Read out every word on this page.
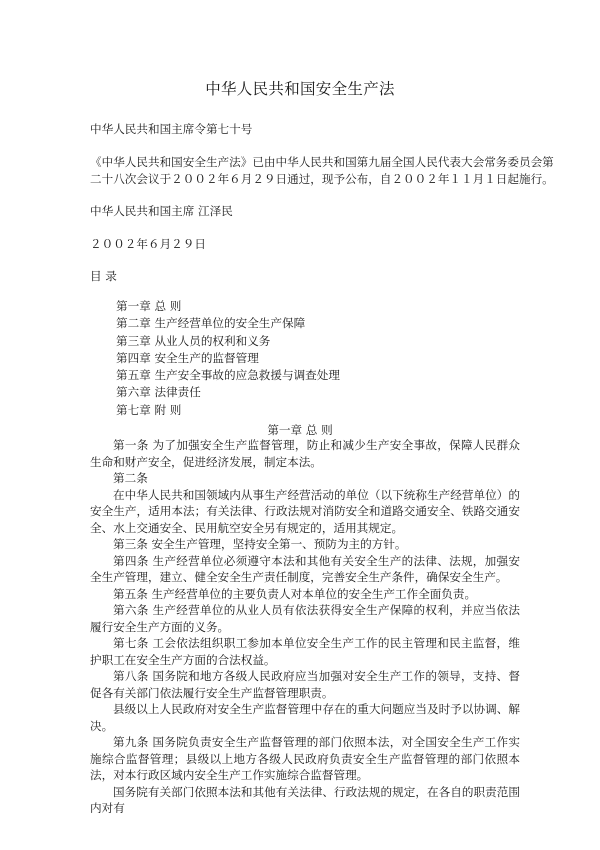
中华人民共和国安全生产法
中华人民共和国主席令第七十号
《中华人民共和国安全生产法》已由中华人民共和国第九届全国人民代表大会常务委员会第
二十八次会议于２００２年６月２９日通过，现予公布，自２００２年１１月１日起施行。
中华人民共和国主席 江泽民
２００２年６月２９日
目 录
第一章 总 则
第二章 生产经营单位的安全生产保障
第三章 从业人员的权利和义务
第四章 安全生产的监督管理
第五章 生产安全事故的应急救援与调查处理
第六章 法律责任
第七章 附 则
第一章 总 则

第一条 为了加强安全生产监督管理，防止和减少生产安全事故，保障人民群众生命和财产安全，促进经济发展，制定本法。

第二条

在中华人民共和国领域内从事生产经营活动的单位（以下统称生产经营单位）的安全生产，适用本法；有关法律、行政法规对消防安全和道路交通安全、铁路交通安全、水上交通安全、民用航空安全另有规定的，适用其规定。

第三条 安全生产管理，坚持安全第一、预防为主的方针。

第四条 生产经营单位必须遵守本法和其他有关安全生产的法律、法规，加强安全生产管理，建立、健全安全生产责任制度，完善安全生产条件，确保安全生产。

第五条 生产经营单位的主要负责人对本单位的安全生产工作全面负责。

第六条 生产经营单位的从业人员有依法获得安全生产保障的权利，并应当依法履行安全生产方面的义务。

第七条 工会依法组织职工参加本单位安全生产工作的民主管理和民主监督，维护职工在安全生产方面的合法权益。

第八条 国务院和地方各级人民政府应当加强对安全生产工作的领导，支持、督促各有关部门依法履行安全生产监督管理职责。

县级以上人民政府对安全生产监督管理中存在的重大问题应当及时予以协调、解决。

第九条 国务院负责安全生产监督管理的部门依照本法，对全国安全生产工作实施综合监督管理；县级以上地方各级人民政府负责安全生产监督管理的部门依照本法，对本行政区域内安全生产工作实施综合监督管理。

国务院有关部门依照本法和其他有关法律、行政法规的规定，在各自的职责范围内对有
